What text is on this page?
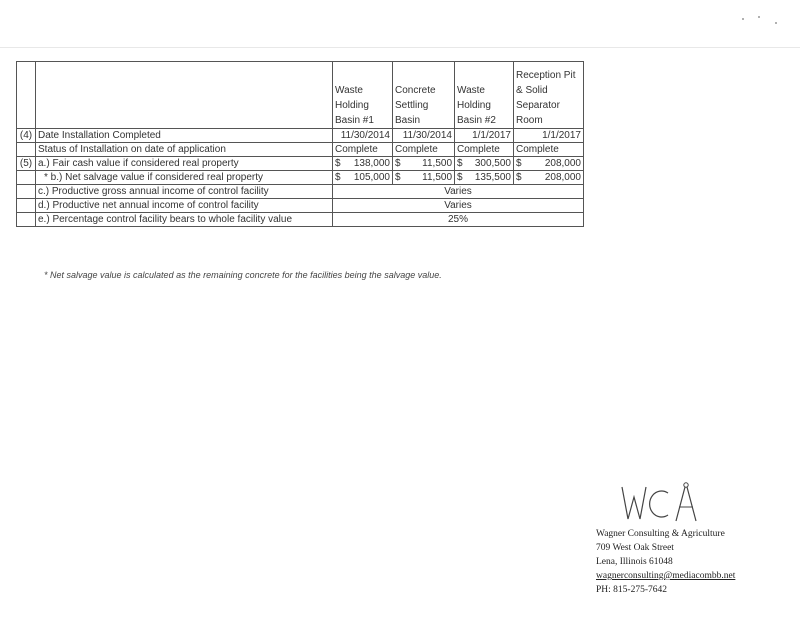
		Waste Holding Basin #1	Concrete Settling Basin	Waste Holding Basin #2	Reception Pit & Solid Separator Room
(4)	Date Installation Completed	11/30/2014	11/30/2014	1/1/2017	1/1/2017
	Status of Installation on date of application	Complete	Complete	Complete	Complete
(5)	a.) Fair cash value if considered real property	$ 138,000	$ 11,500	$ 300,500	$ 208,000

	* b.) Net salvage value if considered real property	$ 105,000	$ 11,500	$ 135,500	$ 208,000

	c.) Productive gross annual income of control facility	Varies			
	d.) Productive net annual income of control facility	Varies			
	e.) Percentage control facility bears to whole facility value	25%			
* Net salvage value is calculated as the remaining concrete for the facilities being the salvage value.
Wagner Consulting & Agriculture
709 West Oak Street
Lena, Illinois 61048
wagnerconsulting@mediacombb.net
PH: 815-275-7642
